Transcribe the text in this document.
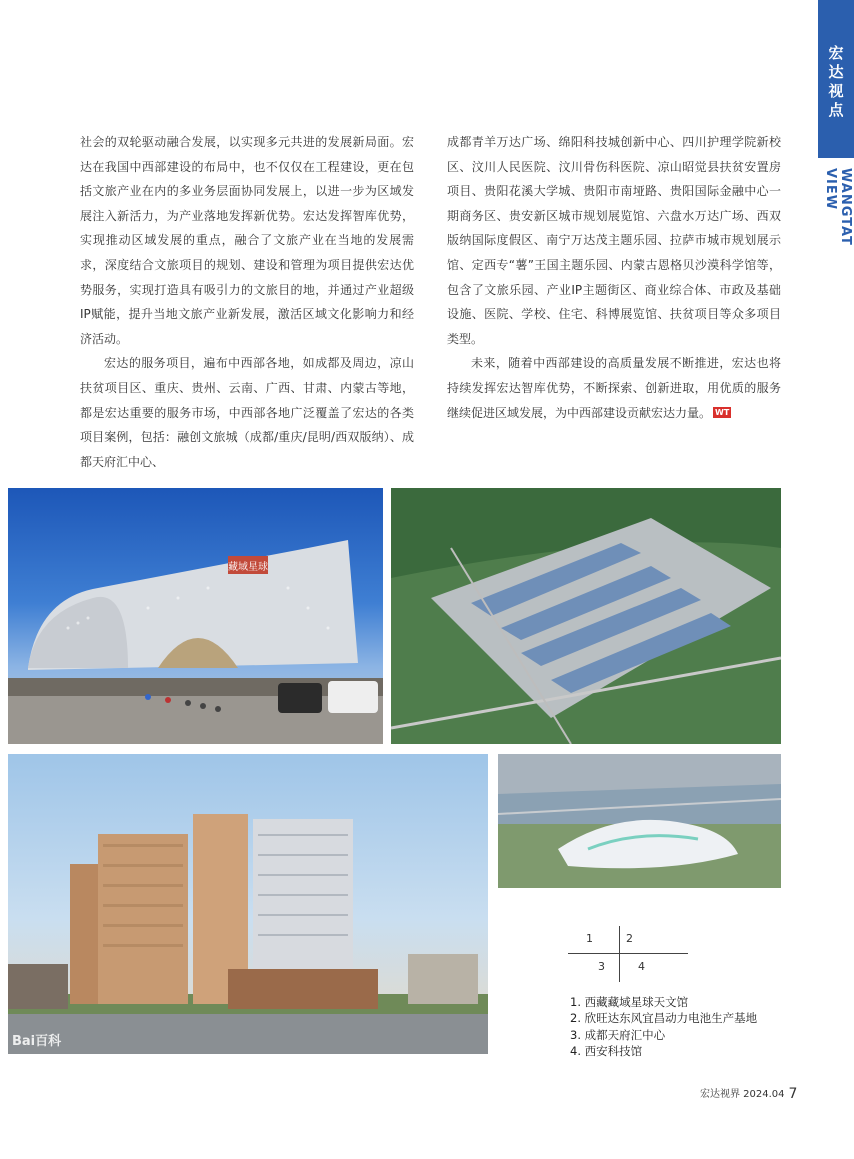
宏
达
视
点
WANGTAT VIEW

社会的双轮驱动融合发展，以实现多元共进的发展新局面。宏达在我国中西部建设的布局中，也不仅仅在工程建设，更在包括文旅产业在内的多业务层面协同发展上，以进一步为区域发展注入新活力，为产业落地发挥新优势。宏达发挥智库优势，实现推动区域发展的重点，融合了文旅产业在当地的发展需求，深度结合文旅项目的规划、建设和管理为项目提供宏达优势服务，实现打造具有吸引力的文旅目的地，并通过产业超级IP赋能，提升当地文旅产业新发展，激活区域文化影响力和经济活动。

宏达的服务项目，遍布中西部各地，如成都及周边，凉山扶贫项目区、重庆、贵州、云南、广西、甘肃、内蒙古等地，都是宏达重要的服务市场，中西部各地广泛覆盖了宏达的各类项目案例，包括：融创文旅城（成都/重庆/昆明/西双版纳）、成都天府汇中心、

成都青羊万达广场、绵阳科技城创新中心、四川护理学院新校区、汶川人民医院、汶川骨伤科医院、凉山昭觉县扶贫安置房项目、贵阳花溪大学城、贵阳市南垭路、贵阳国际金融中心一期商务区、贵安新区城市规划展览馆、六盘水万达广场、西双版纳国际度假区、南宁万达茂主题乐园、拉萨市城市规划展示馆、定西专“薯”王国主题乐园、内蒙古恩格贝沙漠科学馆等，包含了文旅乐园、产业IP主题街区、商业综合体、市政及基础设施、医院、学校、住宅、科博展览馆、扶贫项目等众多项目类型。

未来，随着中西部建设的高质量发展不断推进，宏达也将持续发挥宏达智库优势，不断探索、创新进取，用优质的服务继续促进区域发展，为中西部建设贡献宏达力量。 WT

藏域星球
Bai百科
1	2
3	4
1. 西藏藏域星球天文馆
2. 欣旺达东风宜昌动力电池生产基地
3. 成都天府汇中心
4. 西安科技馆
宏达视界 2024.04 7
